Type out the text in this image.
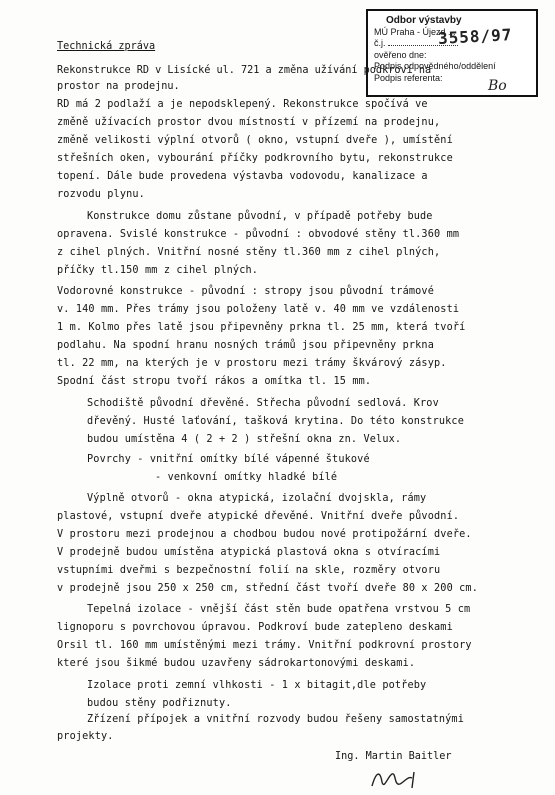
Odbor výstavby
MÚ Praha - Újezd ...
č.j.
ověřeno dne:
Podpis odpovědného/oddělení
Podpis referenta:
3558/97
Bo
Technická zpráva
Rekonstrukce RD v Lisícké ul. 721 a změna užívání podkroví na
prostor na prodejnu.
RD má 2 podlaží a je nepodsklepený. Rekonstrukce spočívá ve
změně užívacích prostor dvou místností v přízemí na prodejnu,
změně velikosti výplní otvorů ( okno, vstupní dveře ), umístění
střešních oken, vybourání příčky podkrovního bytu, rekonstrukce
topení. Dále bude provedena výstavba vodovodu, kanalizace a
rozvodu plynu.
Konstrukce domu zůstane původní, v případě potřeby bude
opravena. Svislé konstrukce - původní : obvodové stěny tl.360 mm
z cihel plných. Vnitřní nosné stěny tl.360 mm z cihel plných,
příčky tl.150 mm z cihel plných.
Vodorovné konstrukce - původní : stropy jsou původní trámové
v. 140 mm. Přes trámy jsou položeny latě v. 40 mm ve vzdálenosti
1 m. Kolmo přes latě jsou připevněny prkna tl. 25 mm, která tvoří
podlahu. Na spodní hranu nosných trámů jsou připevněny prkna
tl. 22 mm, na kterých je v prostoru mezi trámy škvárový zásyp.
Spodní část stropu tvoří rákos a omítka tl. 15 mm.
Schodiště původní dřevěné. Střecha původní sedlová. Krov
dřevěný. Husté laťování, tašková krytina. Do této konstrukce
budou umístěna 4 ( 2 + 2 ) střešní okna zn. Velux.
Povrchy - vnitřní omítky bílé vápenné štukové
- venkovní omítky hladké bílé
Výplně otvorů - okna atypická, izolační dvojskla, rámy
plastové, vstupní dveře atypické dřevěné. Vnitřní dveře původní.
V prostoru mezi prodejnou a chodbou budou nové protipožární dveře.
V prodejně budou umístěna atypická plastová okna s otvíracími
vstupními dveřmi s bezpečnostní folií na skle, rozměry otvoru
v prodejně jsou 250 x 250 cm, střední část tvoří dveře 80 x 200 cm.
Tepelná izolace - vnější část stěn bude opatřena vrstvou 5 cm
lignoporu s povrchovou úpravou. Podkroví bude zatepleno deskami
Orsil tl. 160 mm umístěnými mezi trámy. Vnitřní podkrovní prostory
které jsou šikmé budou uzavřeny sádrokartonovými deskami.
Izolace proti zemní vlhkosti - 1 x bitagit,dle potřeby
budou stěny podřiznuty.
Zřízení přípojek a vnitřní rozvody budou řešeny samostatnými
projekty.
Ing. Martin Baitler
